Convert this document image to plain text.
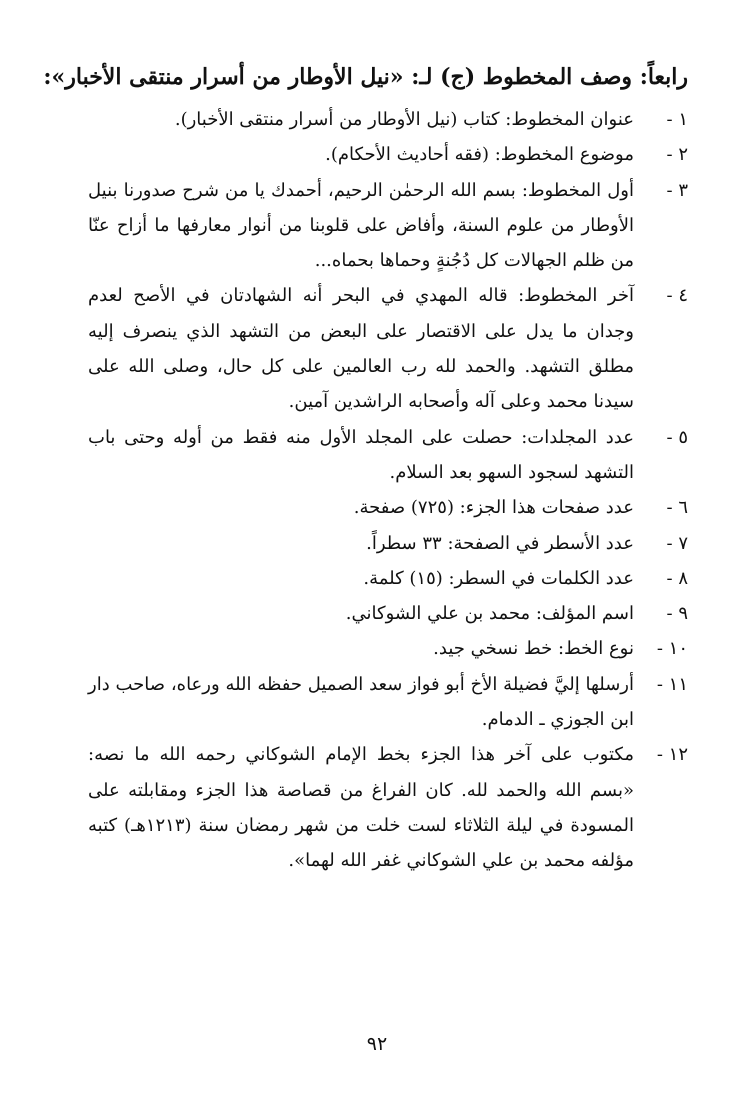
رابعاً: وصف المخطوط (ج) لـ: «نيل الأوطار من أسرار منتقى الأخبار»:
١ -
عنوان المخطوط: كتاب (نيل الأوطار من أسرار منتقى الأخبار).
٢ -
موضوع المخطوط: (فقه أحاديث الأحكام).
٣ -
أول المخطوط: بسم الله الرحمٰن الرحيم، أحمدك يا من شرح صدورنا بنيل الأوطار من علوم السنة، وأفاض على قلوبنا من أنوار معارفها ما أزاح عنّا من ظلم الجهالات كل دُجُنةٍ وحماها بحماه...
٤ -
آخر المخطوط: قاله المهدي في البحر أنه الشهادتان في الأصح لعدم وجدان ما يدل على الاقتصار على البعض من التشهد الذي ينصرف إليه مطلق التشهد. والحمد لله رب العالمين على كل حال، وصلى الله على سيدنا محمد وعلى آله وأصحابه الراشدين آمين.
٥ -
عدد المجلدات: حصلت على المجلد الأول منه فقط من أوله وحتى باب التشهد لسجود السهو بعد السلام.
٦ -
عدد صفحات هذا الجزء: (٧٢٥) صفحة.
٧ -
عدد الأسطر في الصفحة: ٣٣ سطراً.
٨ -
عدد الكلمات في السطر: (١٥) كلمة.
٩ -
اسم المؤلف: محمد بن علي الشوكاني.
١٠ -
نوع الخط: خط نسخي جيد.
١١ -
أرسلها إليَّ فضيلة الأخ أبو فواز سعد الصميل حفظه الله ورعاه، صاحب دار ابن الجوزي ـ الدمام.
١٢ -
مكتوب على آخر هذا الجزء بخط الإمام الشوكاني رحمه الله ما نصه: «بسم الله والحمد لله. كان الفراغ من قصاصة هذا الجزء ومقابلته على المسودة في ليلة الثلاثاء لست خلت من شهر رمضان سنة (١٢١٣هـ) كتبه مؤلفه محمد بن علي الشوكاني غفر الله لهما».
٩٢
